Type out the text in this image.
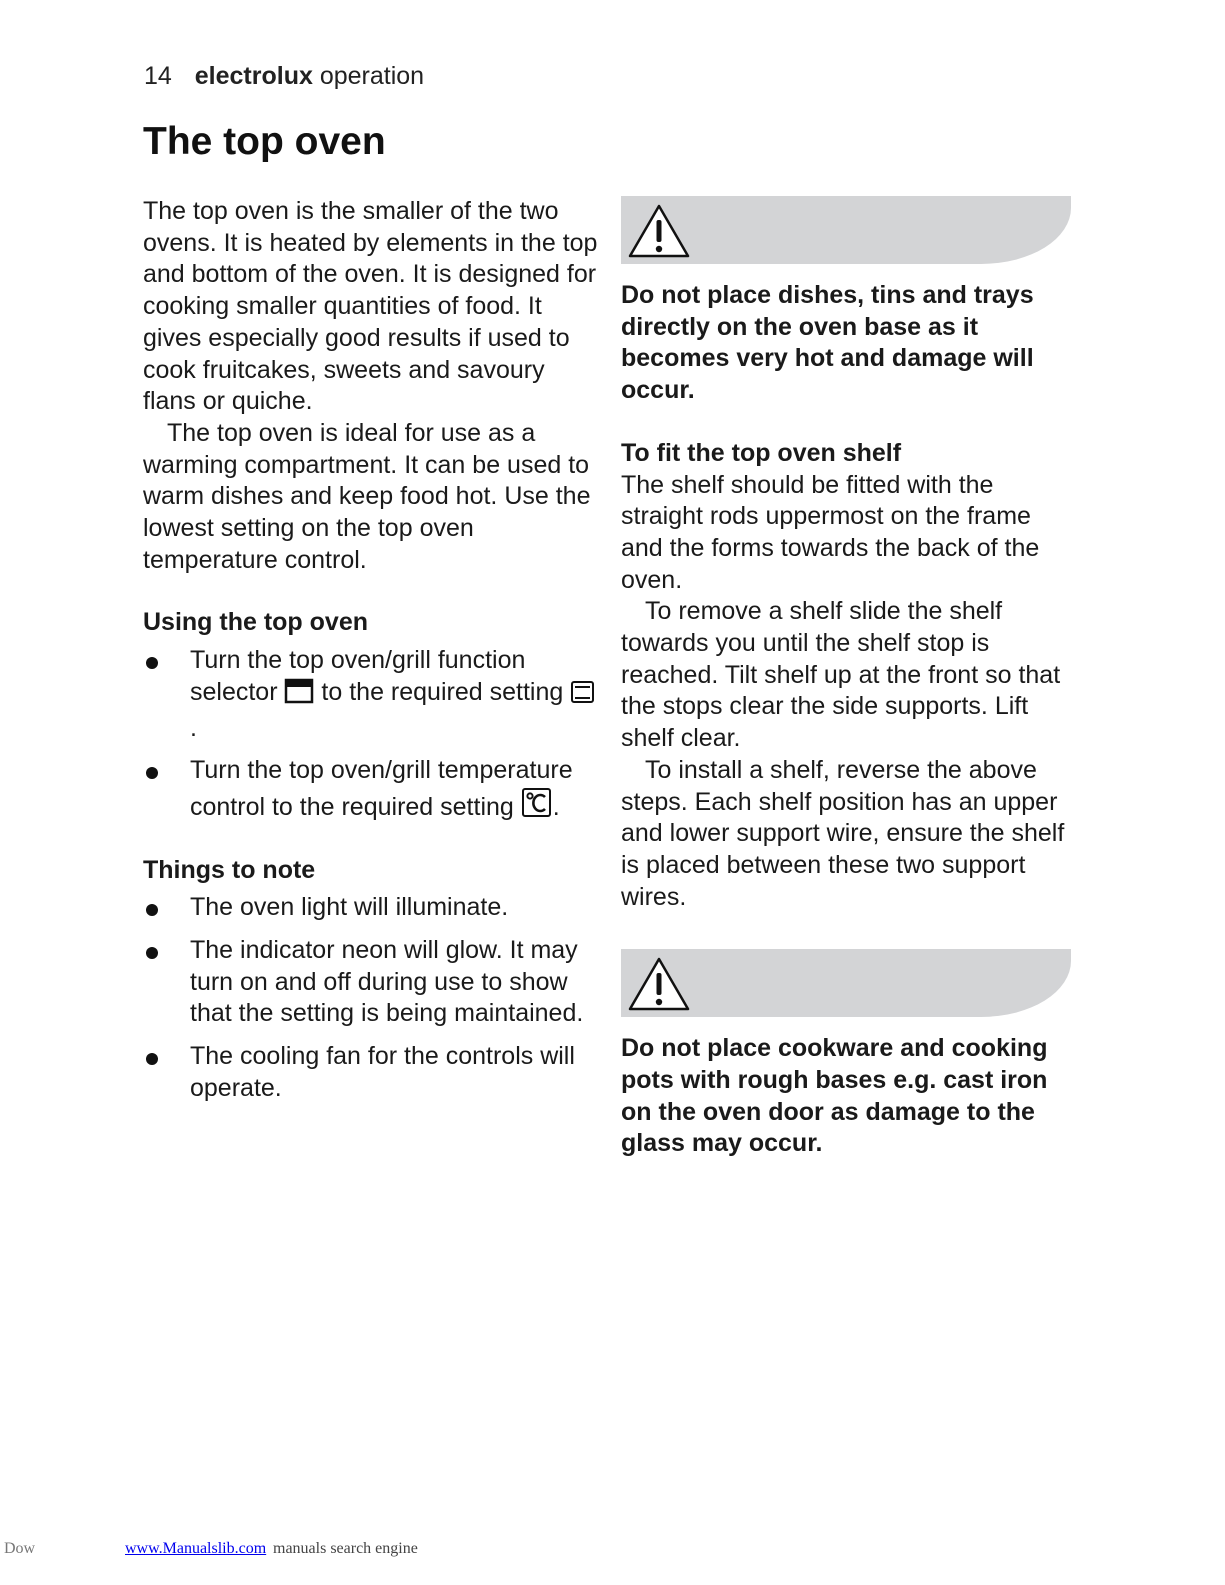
14 electrolux operation
The top oven

The top oven is the smaller of the two ovens. It is heated by elements in the top and bottom of the oven. It is designed for cooking smaller quantities of food. It gives especially good results if used to cook fruitcakes, sweets and savoury flans or quiche.

The top oven is ideal for use as a warming compartment. It can be used to warm dishes and keep food hot. Use the lowest setting on the top oven temperature control.

Using the top oven
Turn the top oven/grill function selector  to the required setting .
Turn the top oven/grill temperature control to the required setting .
Things to note
The oven light will illuminate.
The indicator neon will glow. It may turn on and off during use to show that the setting is being maintained.
The cooling fan for the controls will operate.

Do not place dishes, tins and trays directly on the oven base as it becomes very hot and damage will occur.

To fit the top oven shelf

The shelf should be fitted with the straight rods uppermost on the frame and the forms towards the back of the oven.

To remove a shelf slide the shelf towards you until the shelf stop is reached. Tilt shelf up at the front so that the stops clear the side supports. Lift shelf clear.

To install a shelf, reverse the above steps. Each shelf position has an upper and lower support wire, ensure the shelf is placed between these two support wires.

Do not place cookware and cooking pots with rough bases e.g. cast iron on the oven door as damage to the glass may occur.

Dow	www.Manualslib.com manuals search engine
